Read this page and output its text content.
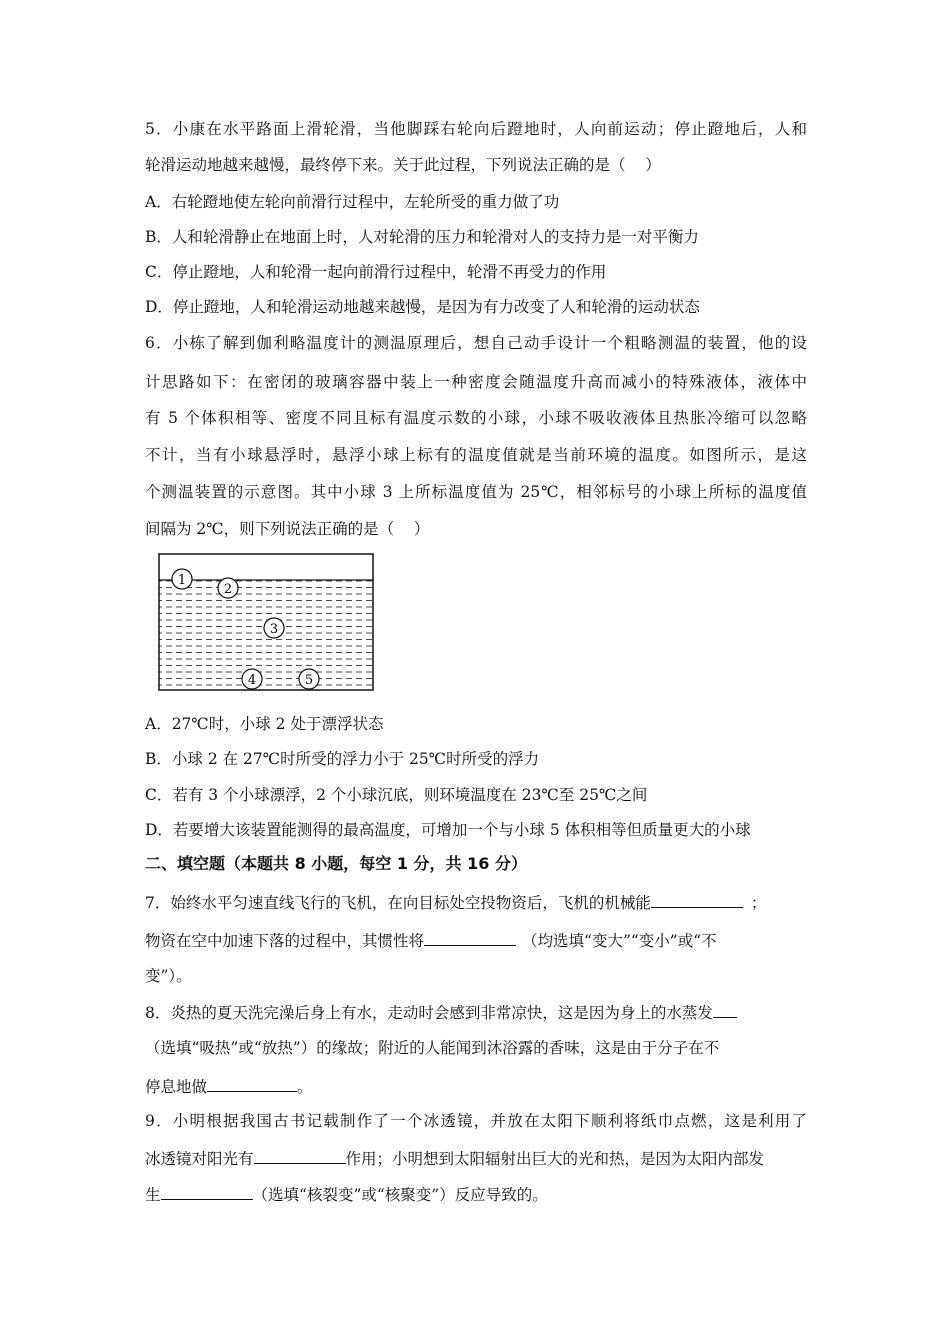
5．小康在水平路面上滑轮滑，当他脚踩右轮向后蹬地时，人向前运动；停止蹬地后，人和
轮滑运动地越来越慢，最终停下来。关于此过程，下列说法正确的是（    ）
A．右轮蹬地使左轮向前滑行过程中，左轮所受的重力做了功
B．人和轮滑静止在地面上时，人对轮滑的压力和轮滑对人的支持力是一对平衡力
C．停止蹬地，人和轮滑一起向前滑行过程中，轮滑不再受力的作用
D．停止蹬地，人和轮滑运动地越来越慢，是因为有力改变了人和轮滑的运动状态
6．小栋了解到伽利略温度计的测温原理后，想自己动手设计一个粗略测温的装置，他的设
计思路如下：在密闭的玻璃容器中装上一种密度会随温度升高而减小的特殊液体，液体中
有 5 个体积相等、密度不同且标有温度示数的小球，小球不吸收液体且热胀冷缩可以忽略
不计，当有小球悬浮时，悬浮小球上标有的温度值就是当前环境的温度。如图所示，是这
个测温装置的示意图。其中小球 3 上所标温度值为 25℃，相邻标号的小球上所标的温度值
间隔为 2℃，则下列说法正确的是（    ）
1
2
3
4	5
A．27℃时，小球 2 处于漂浮状态
B．小球 2 在 27℃时所受的浮力小于 25℃时所受的浮力
C．若有 3 个小球漂浮，2 个小球沉底，则环境温度在 23℃至 25℃之间
D．若要增大该装置能测得的最高温度，可增加一个与小球 5 体积相等但质量更大的小球
二、填空题（本题共 8 小题，每空 1 分，共 16 分）
7．始终水平匀速直线飞行的飞机，在向目标处空投物资后，飞机的机械能	；
物资在空中加速下落的过程中，其惯性将	（均选填“变大”“变小”或“不
变”）。
8．炎热的夏天洗完澡后身上有水，走动时会感到非常凉快，这是因为身上的水蒸发
（选填“吸热”或“放热”）的缘故；附近的人能闻到沐浴露的香味，这是由于分子在不
停息地做	。
9．小明根据我国古书记载制作了一个冰透镜，并放在太阳下顺利将纸巾点燃，这是利用了
冰透镜对阳光有	作用；小明想到太阳辐射出巨大的光和热，是因为太阳内部发
生	（选填“核裂变”或“核聚变”）反应导致的。
